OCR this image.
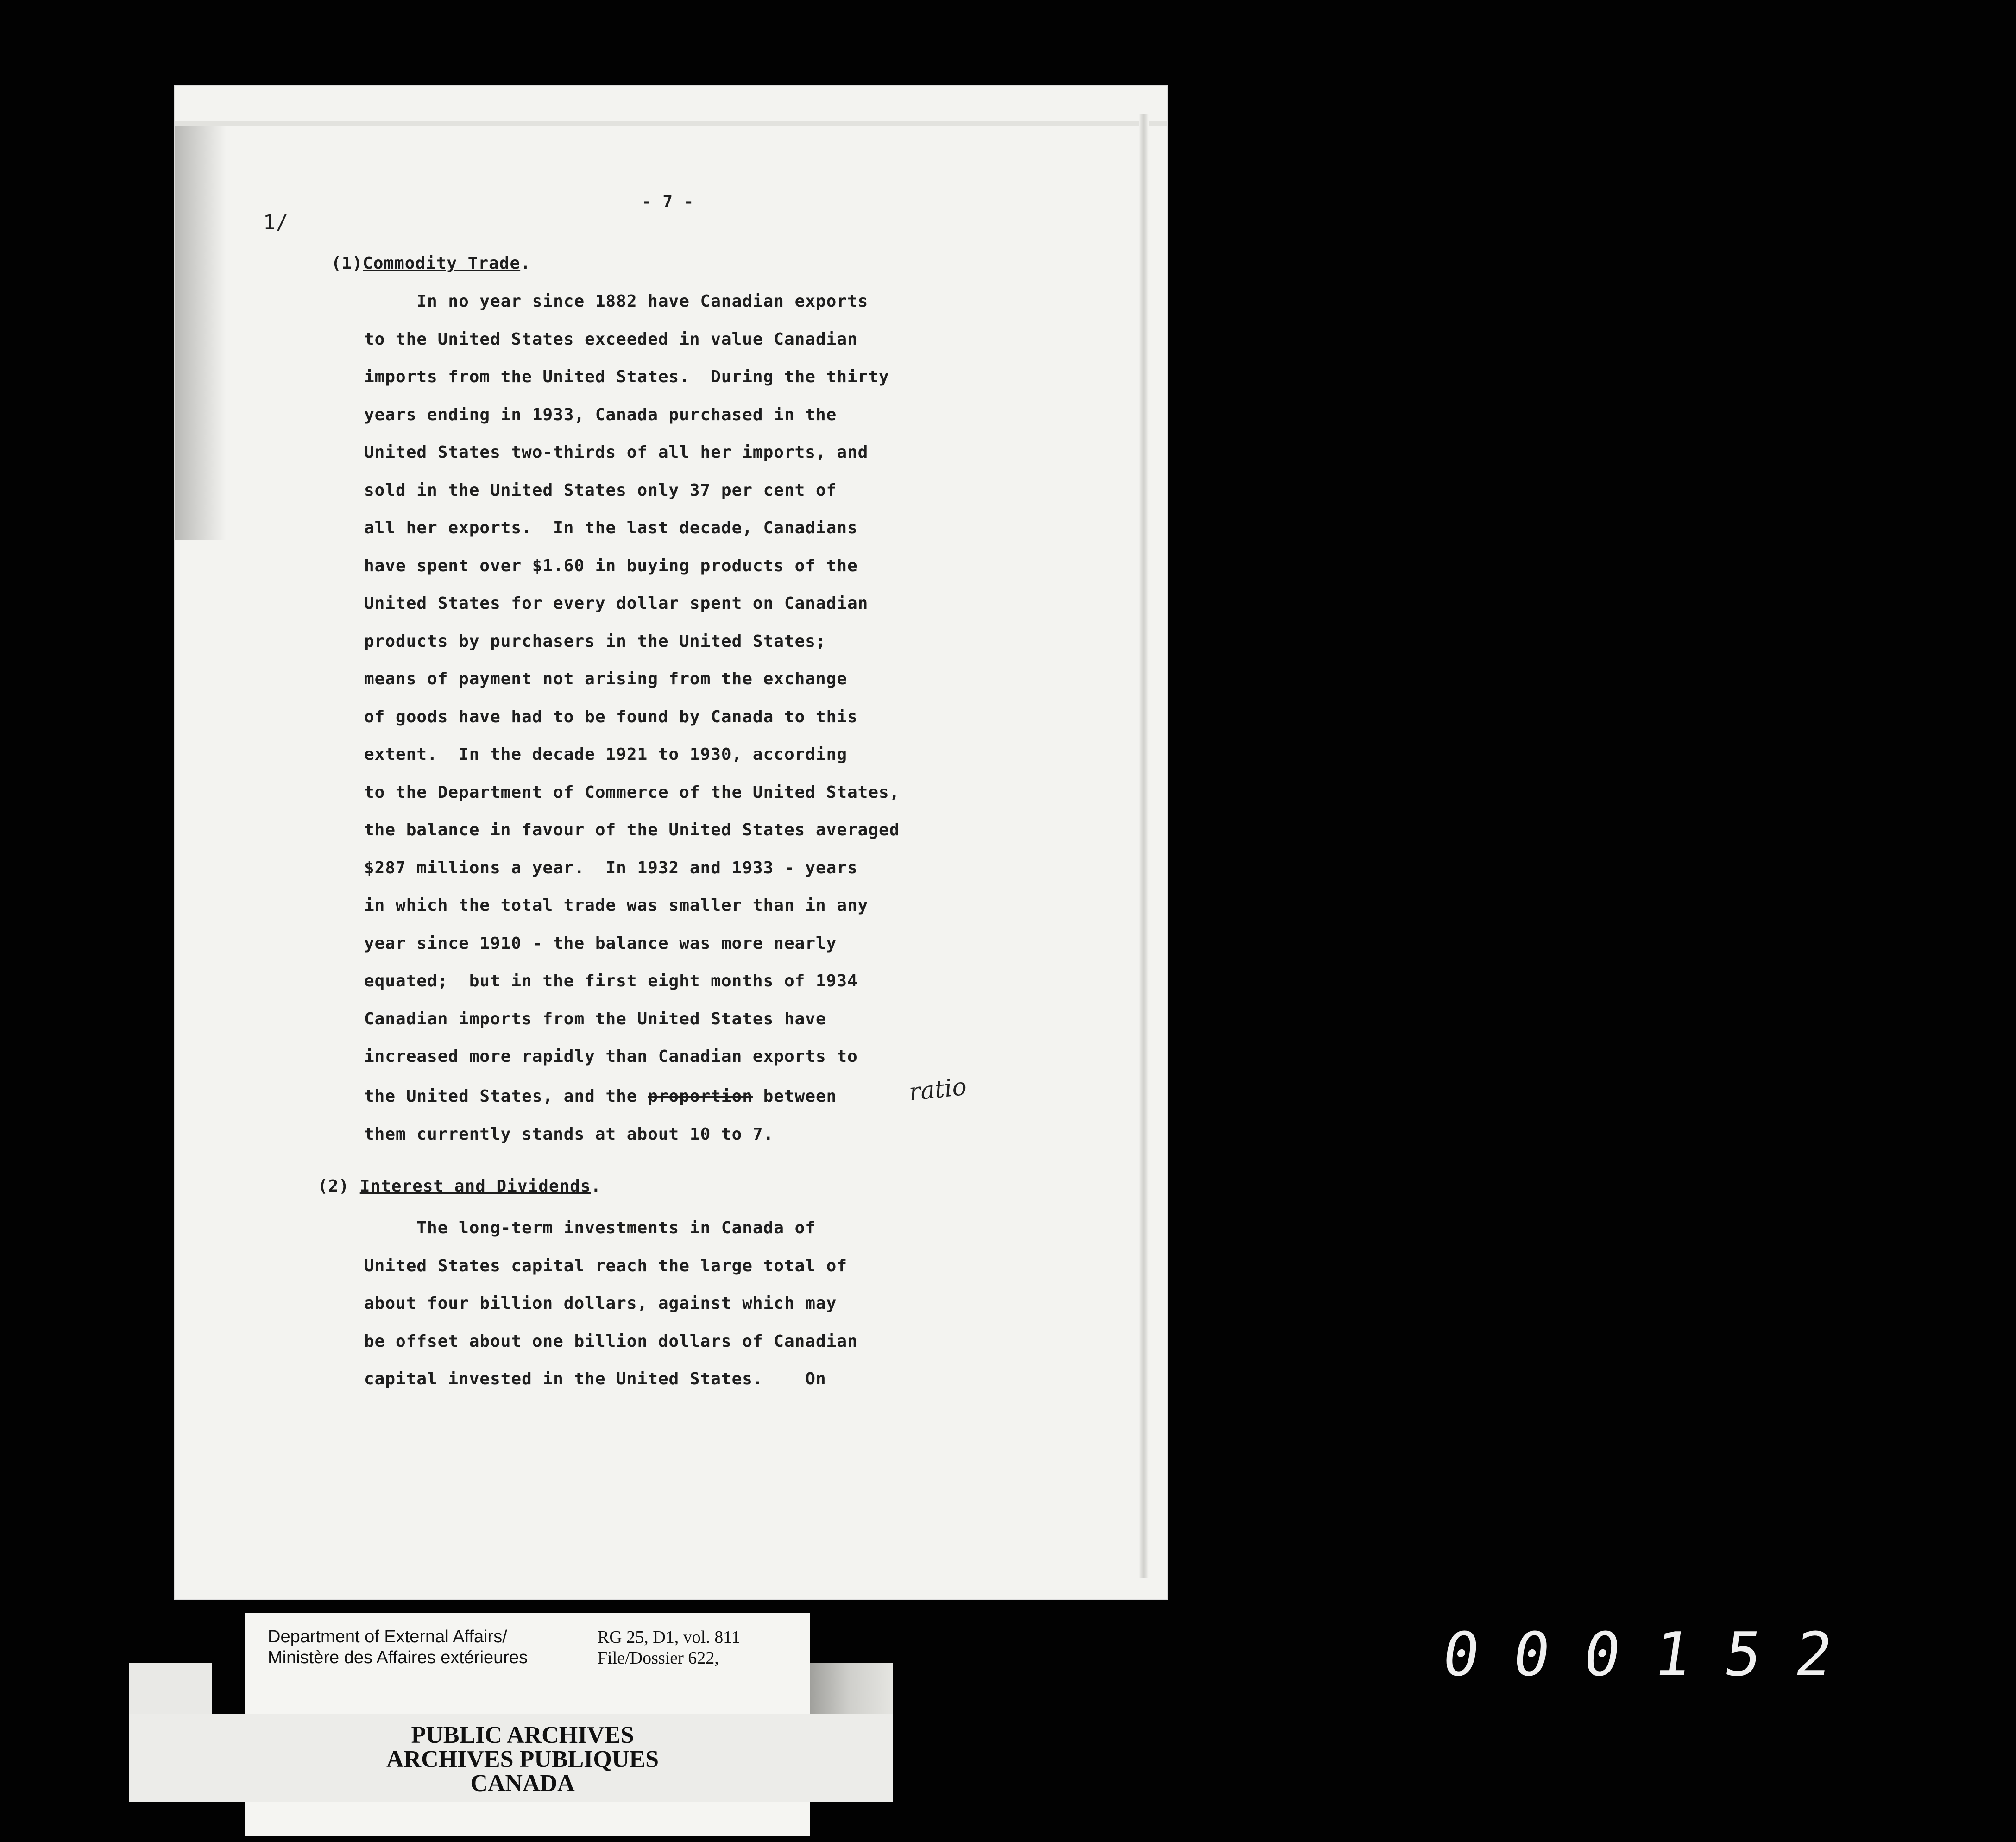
- 7 -
1/
(1)Commodity Trade.
the United States, and the proportion between
them currently stands at about 10 to 7.
ratio
(2) Interest and Dividends.
Department of External Affairs/
Ministère des Affaires extérieures
RG 25, D1, vol. 811
File/Dossier 622,
PUBLIC ARCHIVES
ARCHIVES PUBLIQUES
CANADA
000152
In no year since 1882 have Canadian exports
to the United States exceeded in value Canadian
imports from the United States.  During the thirty
years ending in 1933, Canada purchased in the
United States two-thirds of all her imports, and
sold in the United States only 37 per cent of
all her exports.  In the last decade, Canadians
have spent over $1.60 in buying products of the
United States for every dollar spent on Canadian
products by purchasers in the United States;
means of payment not arising from the exchange
of goods have had to be found by Canada to this
extent.  In the decade 1921 to 1930, according
to the Department of Commerce of the United States,
the balance in favour of the United States averaged
$287 millions a year.  In 1932 and 1933 - years
in which the total trade was smaller than in any
year since 1910 - the balance was more nearly
equated;  but in the first eight months of 1934
Canadian imports from the United States have
increased more rapidly than Canadian exports to
The long-term investments in Canada of
United States capital reach the large total of
about four billion dollars, against which may
be offset about one billion dollars of Canadian
capital invested in the United States.    On
